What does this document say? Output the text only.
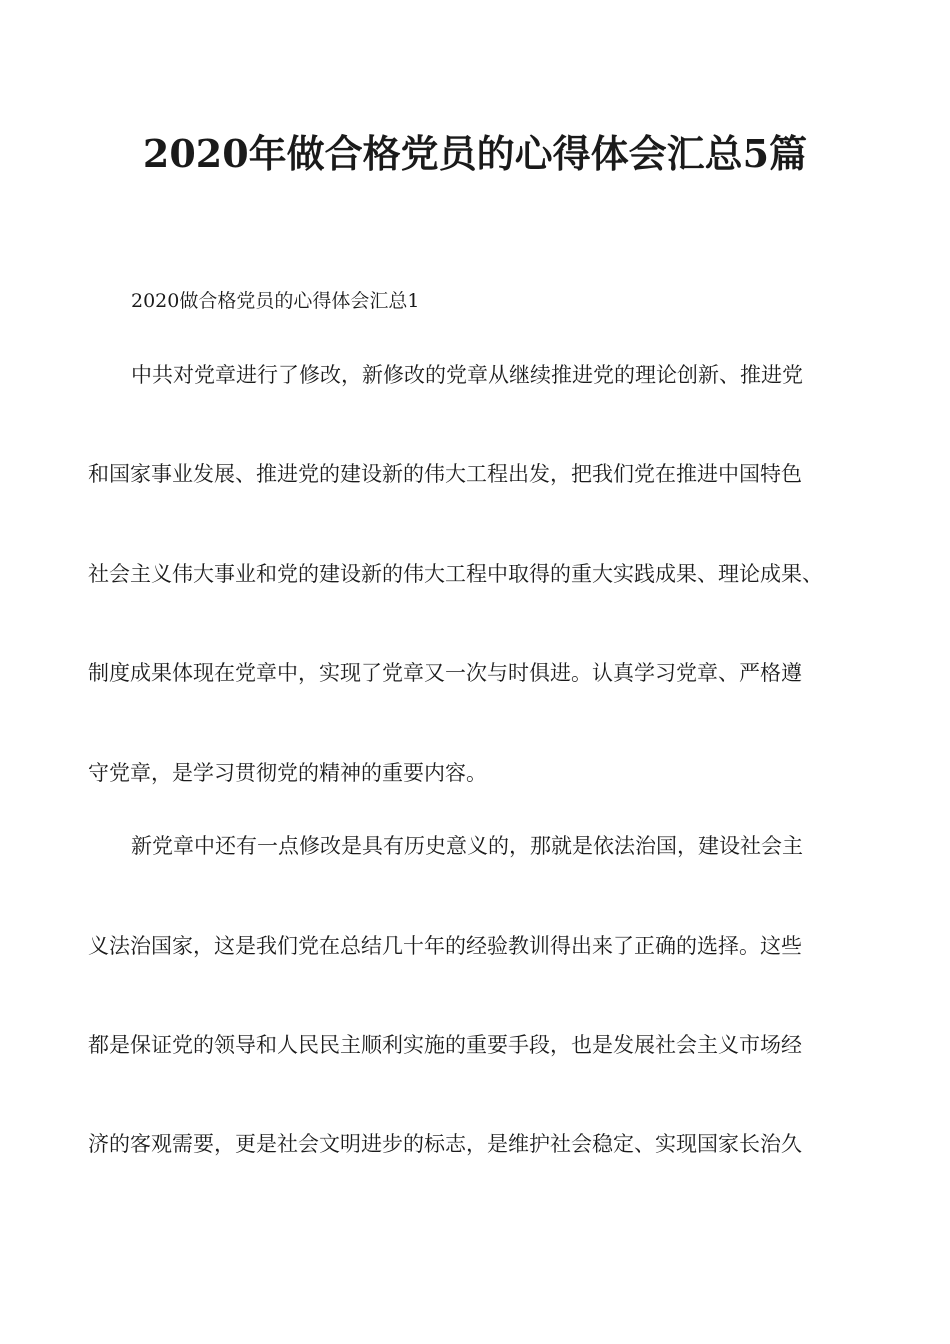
2020年做合格党员的心得体会汇总5篇
2020做合格党员的心得体会汇总1
中共对党章进行了修改，新修改的党章从继续推进党的理论创新、推进党
和国家事业发展、推进党的建设新的伟大工程出发，把我们党在推进中国特色
社会主义伟大事业和党的建设新的伟大工程中取得的重大实践成果、理论成果、
制度成果体现在党章中，实现了党章又一次与时俱进。认真学习党章、严格遵
守党章，是学习贯彻党的精神的重要内容。
新党章中还有一点修改是具有历史意义的，那就是依法治国，建设社会主
义法治国家，这是我们党在总结几十年的经验教训得出来了正确的选择。这些
都是保证党的领导和人民民主顺利实施的重要手段，也是发展社会主义市场经
济的客观需要，更是社会文明进步的标志，是维护社会稳定、实现国家长治久
